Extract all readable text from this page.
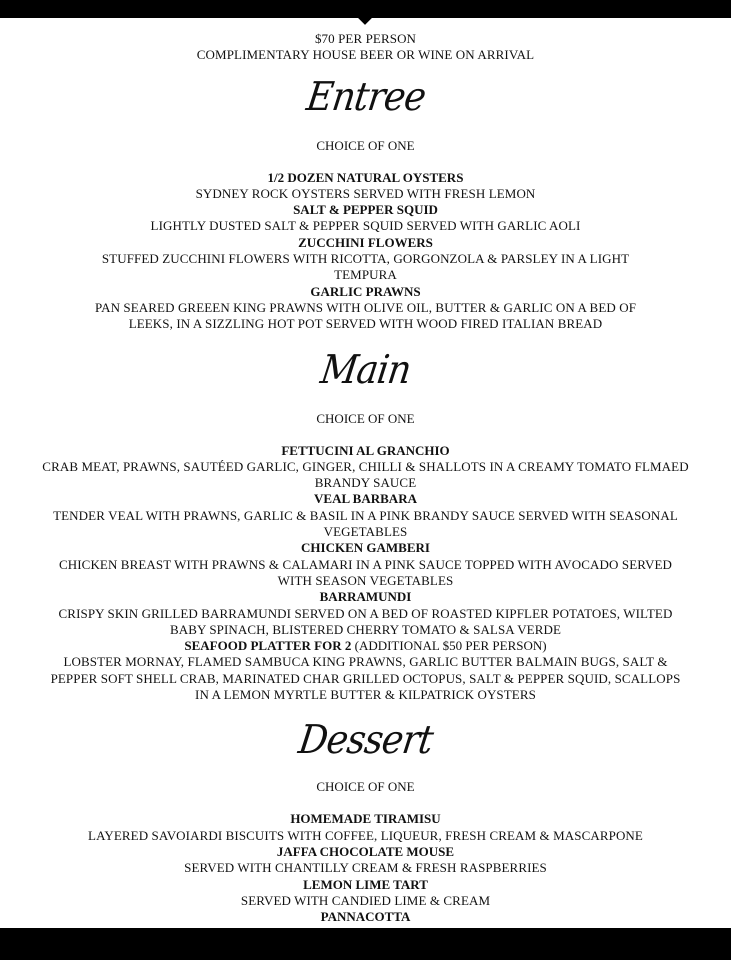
$70 PER PERSON
COMPLIMENTARY HOUSE BEER OR WINE ON ARRIVAL
Entree
CHOICE OF ONE
1/2 DOZEN NATURAL OYSTERS
SYDNEY ROCK OYSTERS SERVED WITH FRESH LEMON
SALT & PEPPER SQUID
LIGHTLY DUSTED SALT & PEPPER SQUID SERVED WITH GARLIC AOLI
ZUCCHINI FLOWERS
STUFFED ZUCCHINI FLOWERS WITH RICOTTA, GORGONZOLA & PARSLEY IN A LIGHT
TEMPURA
GARLIC PRAWNS
PAN SEARED GREEEN KING PRAWNS WITH OLIVE OIL, BUTTER & GARLIC ON A BED OF
LEEKS, IN A SIZZLING HOT POT SERVED WITH WOOD FIRED ITALIAN BREAD
Main
CHOICE OF ONE
FETTUCINI AL GRANCHIO
CRAB MEAT, PRAWNS, SAUTÉED GARLIC, GINGER, CHILLI & SHALLOTS IN A CREAMY TOMATO FLMAED
BRANDY SAUCE
VEAL BARBARA
TENDER VEAL WITH PRAWNS, GARLIC & BASIL IN A PINK BRANDY SAUCE SERVED WITH SEASONAL
VEGETABLES
CHICKEN GAMBERI
CHICKEN BREAST WITH PRAWNS & CALAMARI IN A PINK SAUCE TOPPED WITH AVOCADO SERVED
WITH SEASON VEGETABLES
BARRAMUNDI
CRISPY SKIN GRILLED BARRAMUNDI SERVED ON A BED OF ROASTED KIPFLER POTATOES, WILTED
BABY SPINACH, BLISTERED CHERRY TOMATO & SALSA VERDE
SEAFOOD PLATTER FOR 2 (ADDITIONAL $50 PER PERSON)
LOBSTER MORNAY, FLAMED SAMBUCA KING PRAWNS, GARLIC BUTTER BALMAIN BUGS, SALT &
PEPPER SOFT SHELL CRAB, MARINATED CHAR GRILLED OCTOPUS, SALT & PEPPER SQUID, SCALLOPS
IN A LEMON MYRTLE BUTTER & KILPATRICK OYSTERS
Dessert
CHOICE OF ONE
HOMEMADE TIRAMISU
LAYERED SAVOIARDI BISCUITS WITH COFFEE, LIQUEUR, FRESH CREAM & MASCARPONE
JAFFA CHOCOLATE MOUSE
SERVED WITH CHANTILLY CREAM & FRESH RASPBERRIES
LEMON LIME TART
SERVED WITH CANDIED LIME & CREAM
PANNACOTTA
